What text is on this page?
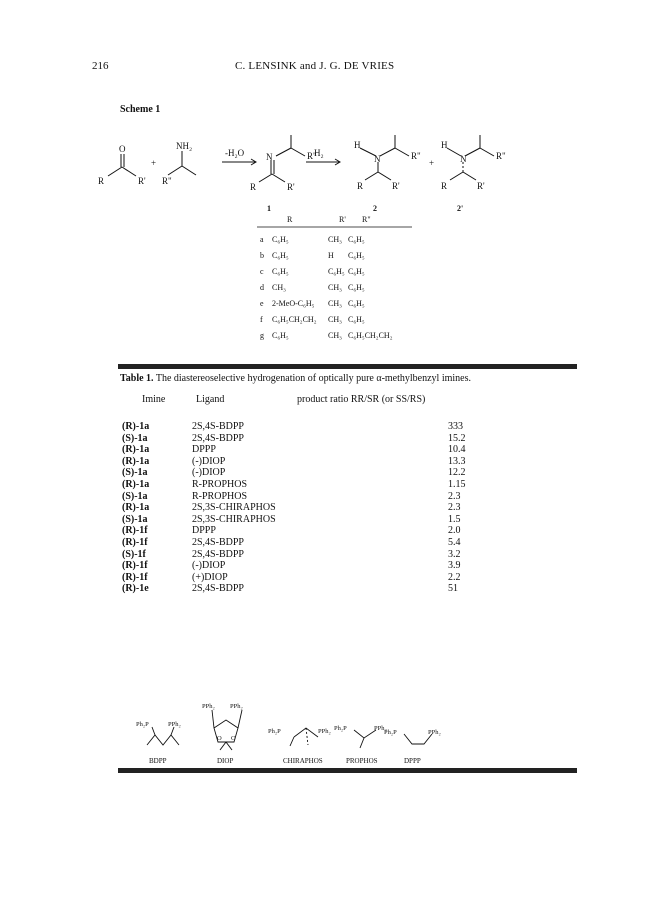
216	C. LENSINK and J. G. DE VRIES
Scheme 1
O
R	R'
+
R"
NH₂
-H₂O N	R"
R	R'
H₂
H
N	R"
R	R'
+
H
N	R"
R	R'
1	2	2'
R	R' R"
a C₆H₅	CH₃ C₆H₅
b C₆H₅	H C₆H₅
c C₆H₅	C₆H₅ C₆H₅
d CH₃	CH₃ C₆H₅
e 2-MeO-C₆H₅ CH₃ C₆H₅
f C₆H₅CH₂CH₂ CH₃ C₆H₅
g C₆H₅	CH₃ C₆H₅CH₂CH₂
Table 1. The diastereoselective hydrogenation of optically pure α-methylbenzyl imines.
Imine	Ligand	product ratio RR/SR (or SS/RS)
(R)-1a	2S,4S-BDPP	333
(S)-1a	2S,4S-BDPP	15.2
(R)-1a	DPPP	10.4
(R)-1a	(-)DIOP	13.3
(S)-1a	(-)DIOP	12.2
(R)-1a	R-PROPHOS	1.15
(S)-1a	R-PROPHOS	2.3
(R)-1a	2S,3S-CHIRAPHOS	2.3
(S)-1a	2S,3S-CHIRAPHOS	1.5
(R)-1f	DPPP	2.0
(R)-1f	2S,4S-BDPP	5.4
(S)-1f	2S,4S-BDPP	3.2
(R)-1f	(-)DIOP	3.9
(R)-1f	(+)DIOP	2.2
(R)-1e	2S,4S-BDPP	51
Ph₂P	PPh₂
PPh₂ PPh₂
O O
Ph₂P	PPh₂ Ph₂P	PPh₂
Ph₂P	PPh₂
BDPP	DIOP	CHIRAPHOS	PROPHOS	DPPP
